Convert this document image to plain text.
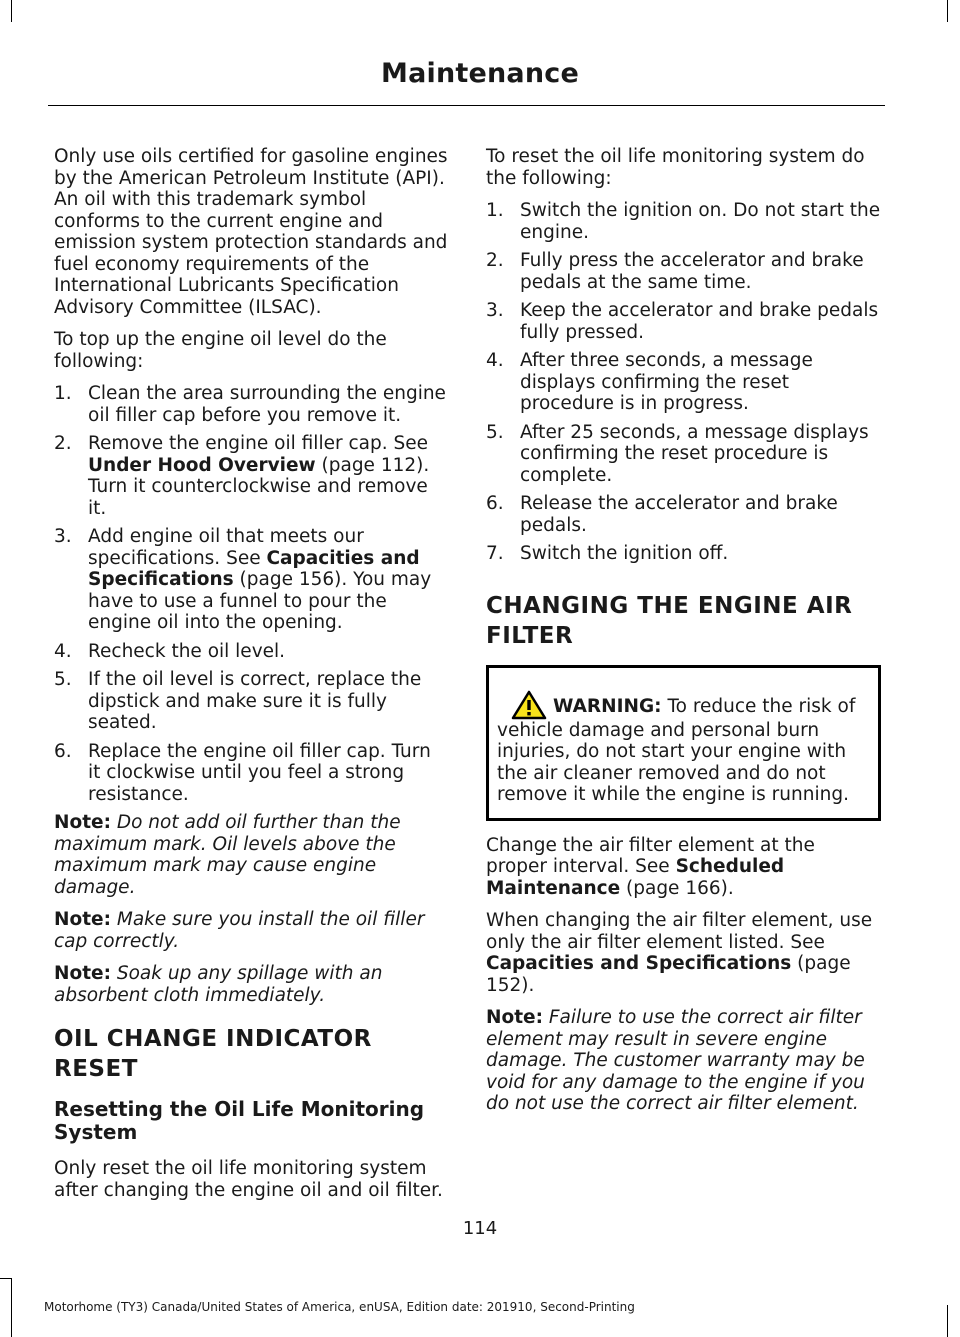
Maintenance

Only use oils certified for gasoline engines by the American Petroleum Institute (API). An oil with this trademark symbol conforms to the current engine and emission system protection standards and fuel economy requirements of the International Lubricants Specification Advisory Committee (ILSAC).

To top up the engine oil level do the following:

1. Clean the area surrounding the engine oil filler cap before you remove it.
2. Remove the engine oil filler cap. See Under Hood Overview (page 112). Turn it counterclockwise and remove it.
3. Add engine oil that meets our specifications. See Capacities and Specifications (page 156). You may have to use a funnel to pour the engine oil into the opening.
4. Recheck the oil level.
5. If the oil level is correct, replace the dipstick and make sure it is fully seated.
6. Replace the engine oil filler cap. Turn it clockwise until you feel a strong resistance.

Note: Do not add oil further than the maximum mark. Oil levels above the maximum mark may cause engine damage.

Note: Make sure you install the oil filler cap correctly.

Note: Soak up any spillage with an absorbent cloth immediately.

OIL CHANGE INDICATOR RESET
Resetting the Oil Life Monitoring System

Only reset the oil life monitoring system after changing the engine oil and oil filter.

To reset the oil life monitoring system do the following:

1. Switch the ignition on. Do not start the engine.
2. Fully press the accelerator and brake pedals at the same time.
3. Keep the accelerator and brake pedals fully pressed.
4. After three seconds, a message displays confirming the reset procedure is in progress.
5. After 25 seconds, a message displays confirming the reset procedure is complete.
6. Release the accelerator and brake pedals.
7. Switch the ignition off.
CHANGING THE ENGINE AIR FILTER
WARNING: To reduce the risk of vehicle damage and personal burn injuries, do not start your engine with the air cleaner removed and do not remove it while the engine is running.

Change the air filter element at the proper interval. See Scheduled Maintenance (page 166).

When changing the air filter element, use only the air filter element listed. See Capacities and Specifications (page 152).

Note: Failure to use the correct air filter element may result in severe engine damage. The customer warranty may be void for any damage to the engine if you do not use the correct air filter element.

114
Motorhome (TY3) Canada/United States of America, enUSA, Edition date: 201910, Second-Printing
